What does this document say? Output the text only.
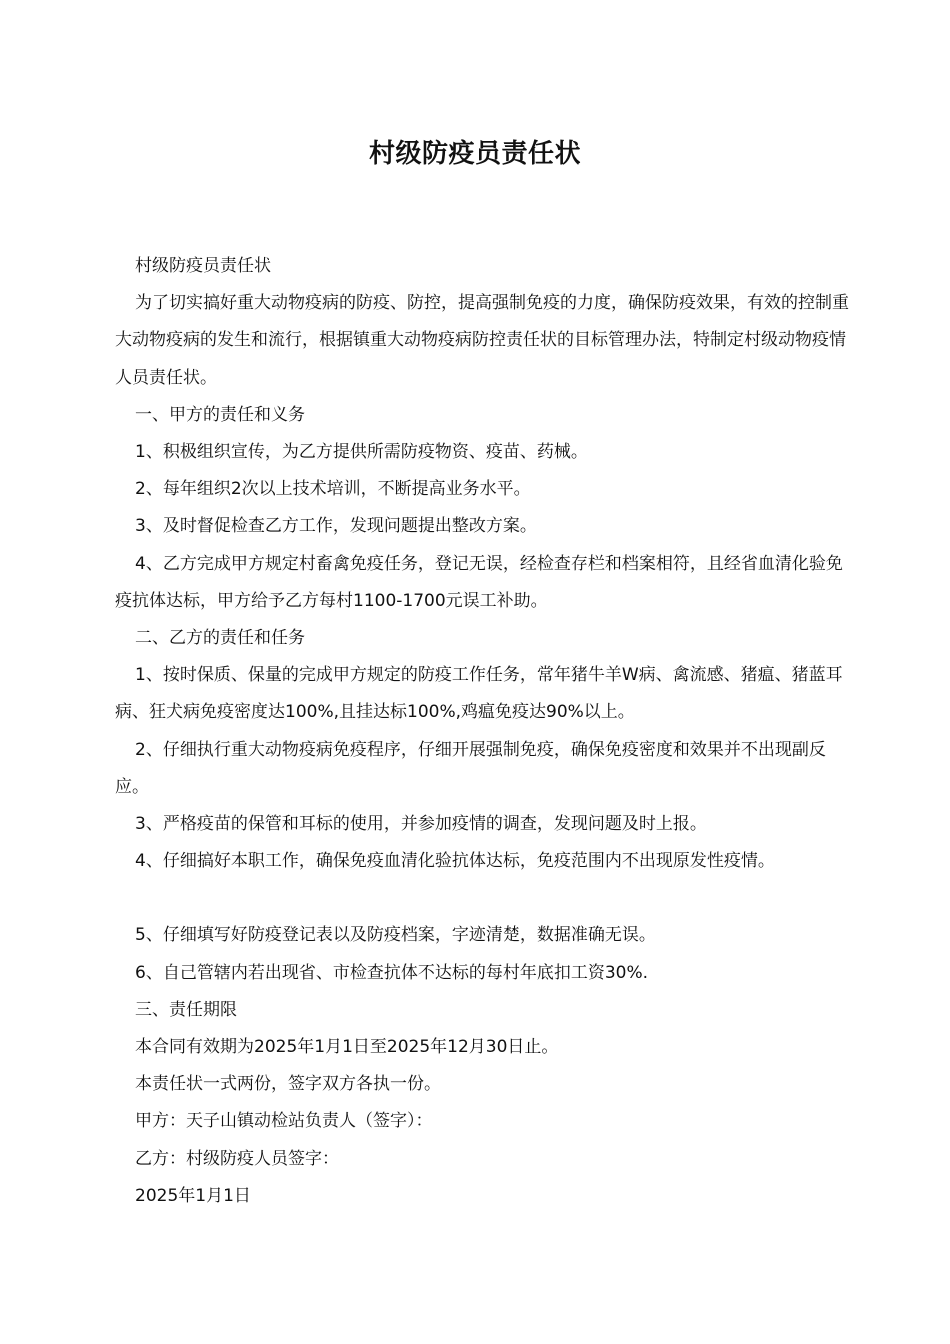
村级防疫员责任状

村级防疫员责任状

为了切实搞好重大动物疫病的防疫、防控，提高强制免疫的力度，确保防疫效果，有效的控制重大动物疫病的发生和流行，根据镇重大动物疫病防控责任状的目标管理办法，特制定村级动物疫情人员责任状。

一、甲方的责任和义务

1、积极组织宣传，为乙方提供所需防疫物资、疫苗、药械。

2、每年组织2次以上技术培训，不断提高业务水平。

3、及时督促检查乙方工作，发现问题提出整改方案。

4、乙方完成甲方规定村畜禽免疫任务，登记无误，经检查存栏和档案相符，且经省血清化验免疫抗体达标，甲方给予乙方每村1100-1700元误工补助。

二、乙方的责任和任务

1、按时保质、保量的完成甲方规定的防疫工作任务，常年猪牛羊W病、禽流感、猪瘟、猪蓝耳病、狂犬病免疫密度达100%,且挂达标100%,鸡瘟免疫达90%以上。

2、仔细执行重大动物疫病免疫程序，仔细开展强制免疫，确保免疫密度和效果并不出现副反应。

3、严格疫苗的保管和耳标的使用，并参加疫情的调查，发现问题及时上报。

4、仔细搞好本职工作，确保免疫血清化验抗体达标，免疫范围内不出现原发性疫情。

5、仔细填写好防疫登记表以及防疫档案，字迹清楚，数据准确无误。

6、自己管辖内若出现省、市检查抗体不达标的每村年底扣工资30%.

三、责任期限

本合同有效期为2025年1月1日至2025年12月30日止。

本责任状一式两份，签字双方各执一份。

甲方：天子山镇动检站负责人（签字）：

乙方：村级防疫人员签字：

2025年1月1日
